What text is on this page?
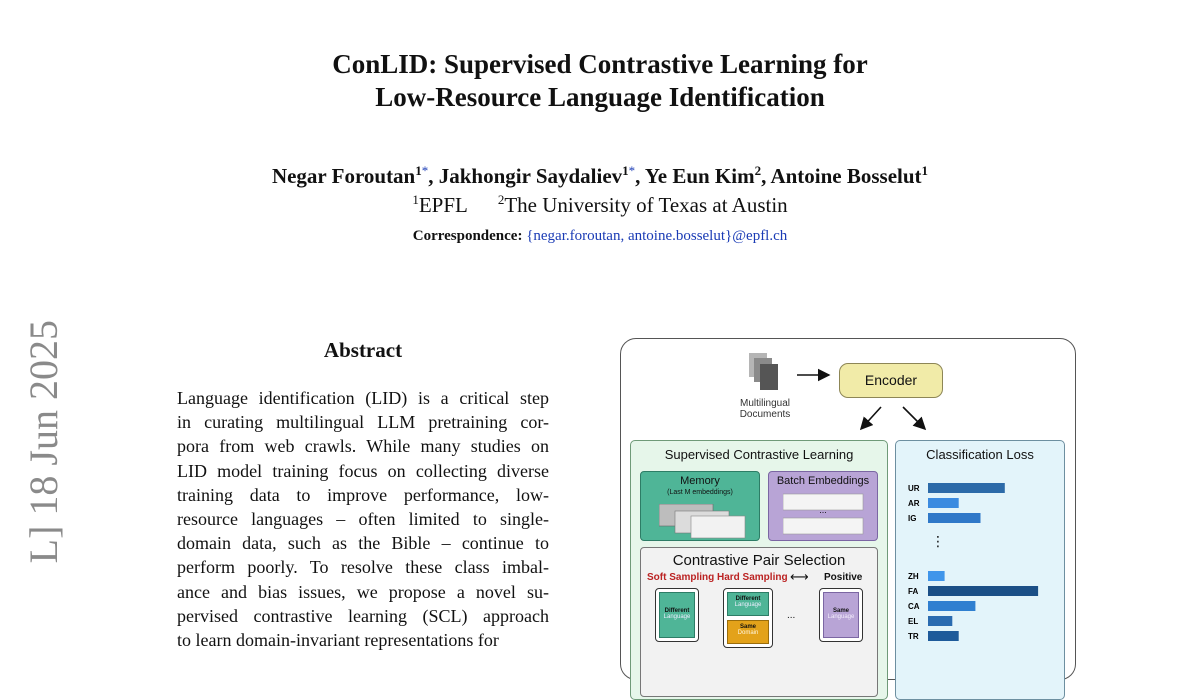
ConLID: Supervised Contrastive Learning for
Low-Resource Language Identification
Negar Foroutan$^{1*}$, Jakhongir Saydaliev$^{1*}$, Ye Eun Kim$^2$, Antoine Bosselut$^1$
$^1$EPFL $^2$The University of Texas at Austin
Correspondence: {negar.foroutan, antoine.bosselut}@epfl.ch
L] 18 Jun 2025	Abstract
Language identification (LID) is a critical step
in curating multilingual LLM pretraining cor-
pora from web crawls. While many studies on
LID model training focus on collecting diverse
training data to improve performance, low-
resource languages – often limited to single-
domain data, such as the Bible – continue to
perform poorly. To resolve these class imbal-
ance and bias issues, we propose a novel su-
pervised contrastive learning (SCL) approach
to learn domain-invariant representations for
Multilingual
Documents
Encoder
Supervised Contrastive Learning
Memory
(Last M embeddings)
Batch Embeddings
...
Contrastive Pair Selection
Soft Sampling Hard Sampling ⟷ Positive
Different
Language
Different
Language
Same
Domain
...	Same
Language
Classification Loss
UR
AR
IG
ZH
FA
CA
EL
TR
⋮
